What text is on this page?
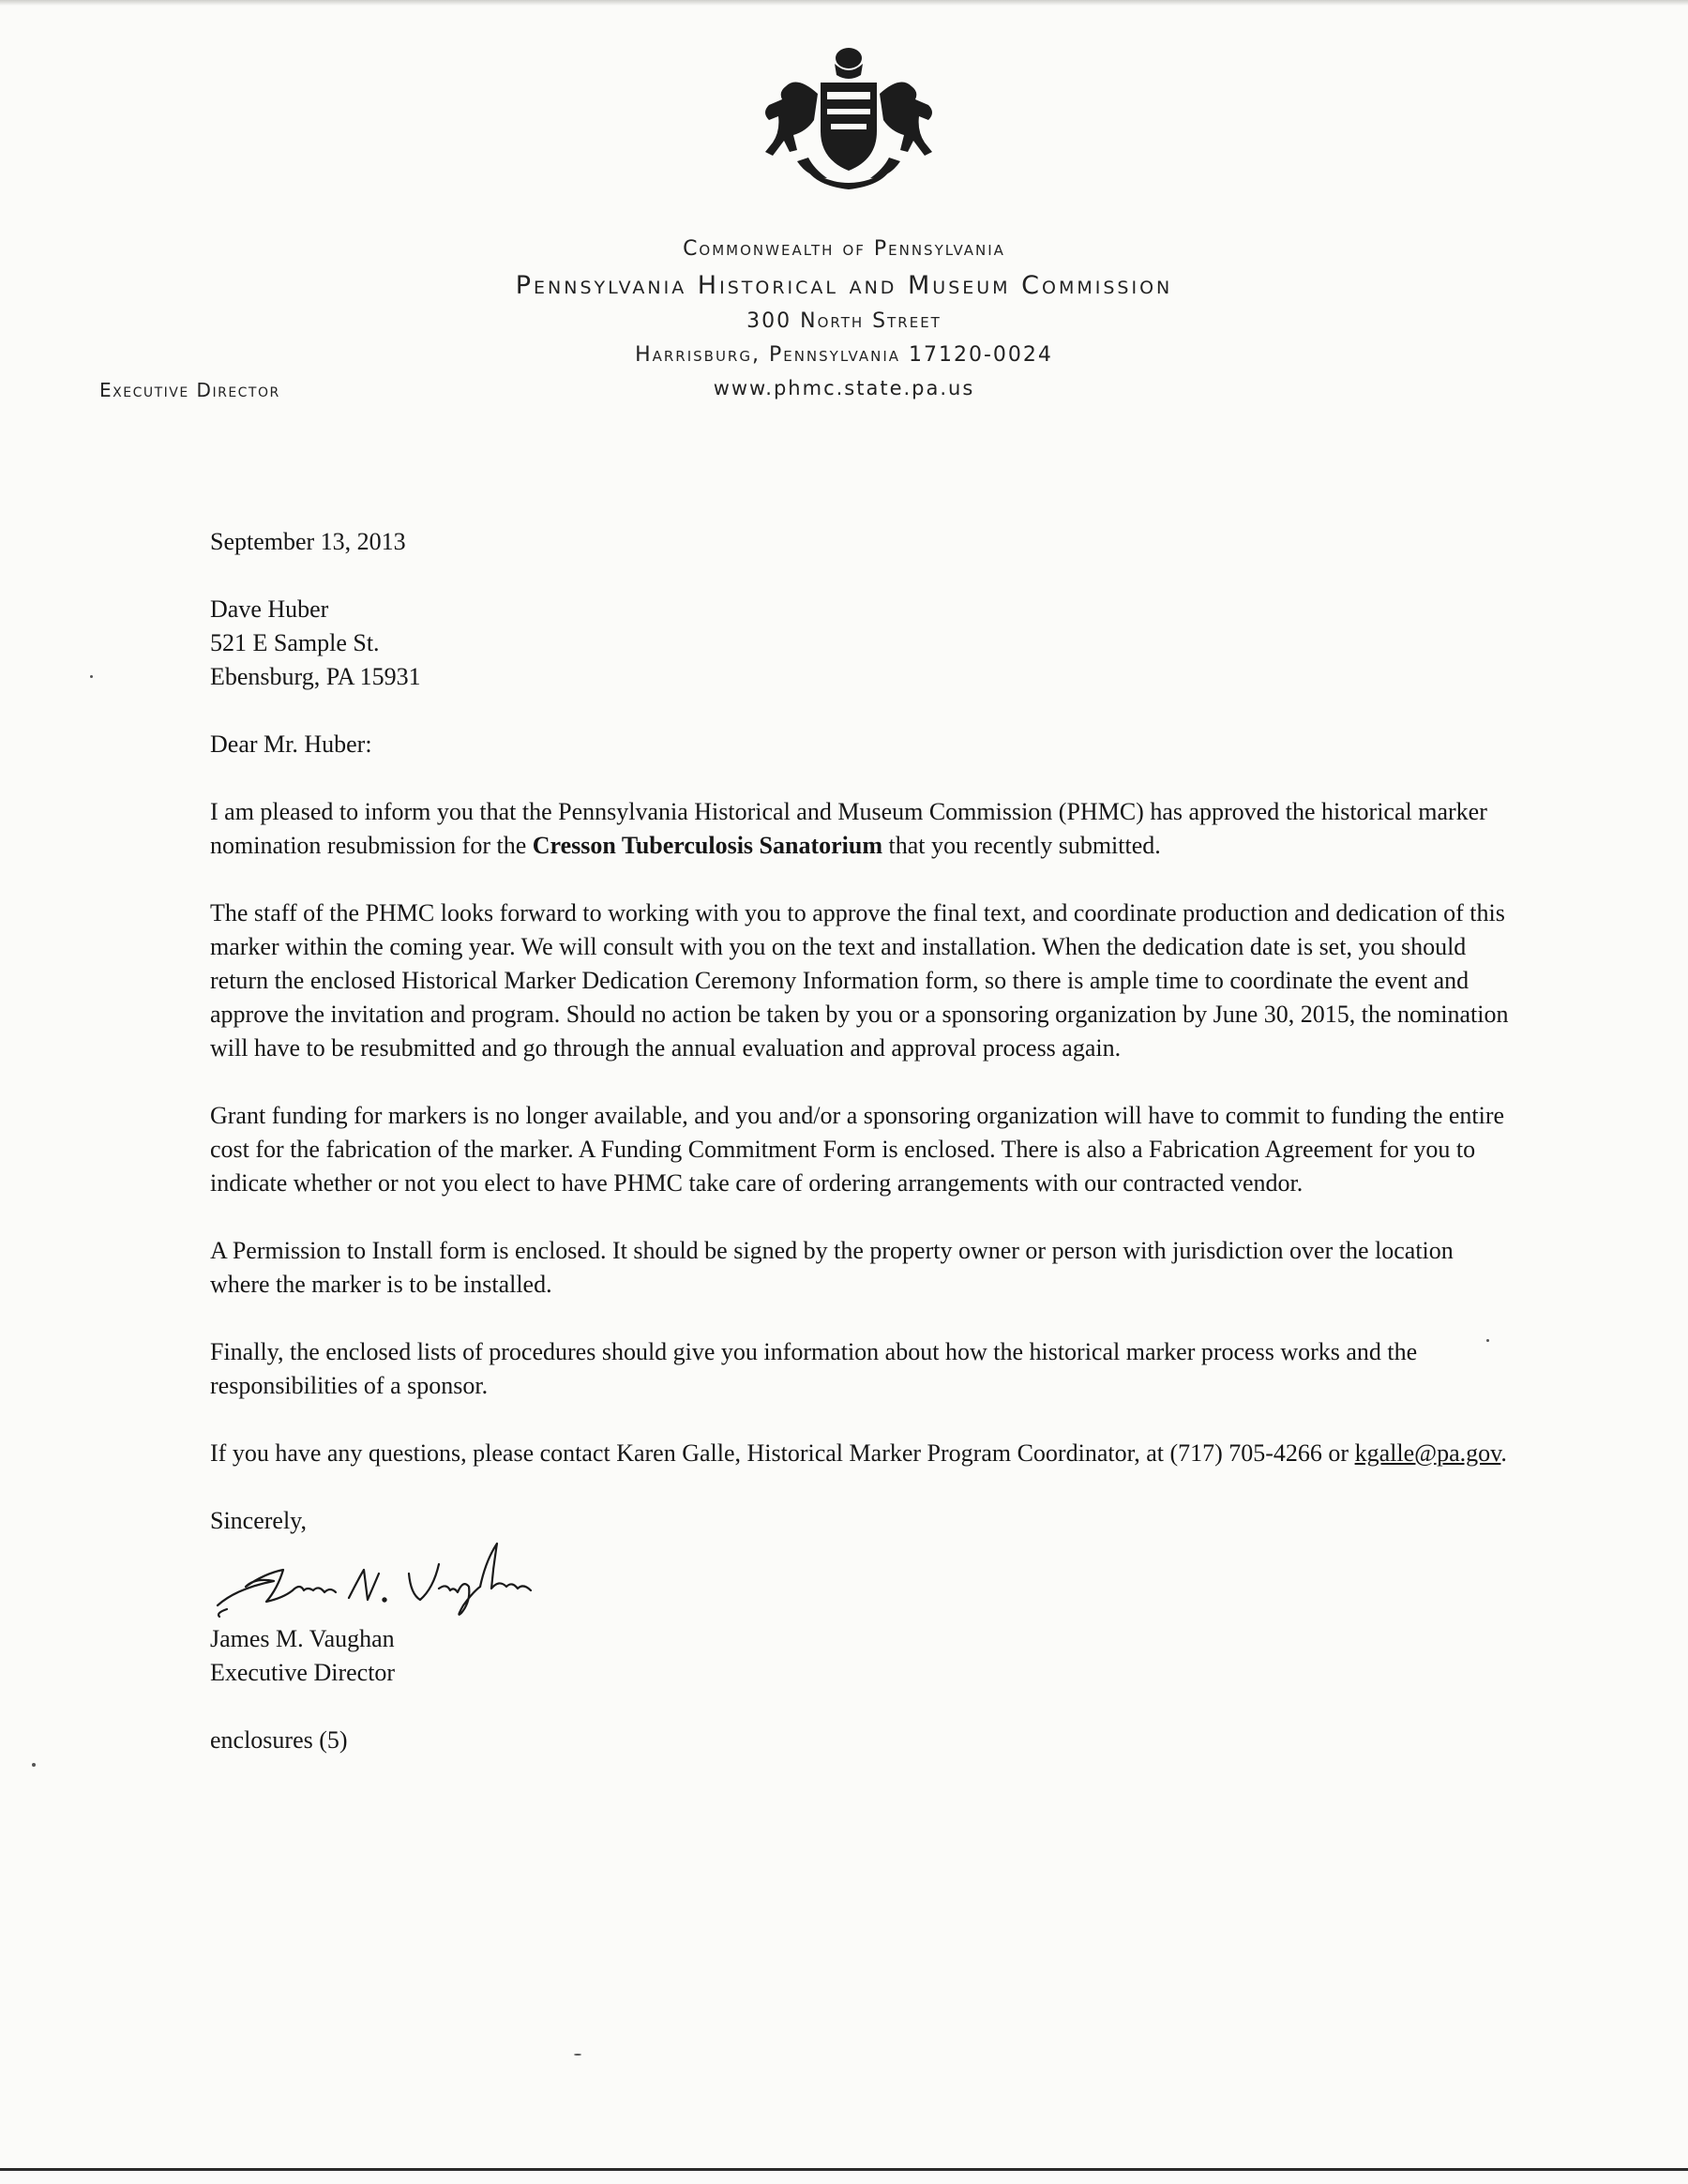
Commonwealth of Pennsylvania
Pennsylvania Historical and Museum Commission
300 North Street
Harrisburg, Pennsylvania 17120-0024
www.phmc.state.pa.us
Executive Director

September 13, 2013

Dave Huber

521 E Sample St.

Ebensburg, PA 15931

Dear Mr. Huber:

I am pleased to inform you that the Pennsylvania Historical and Museum Commission (PHMC) has approved the historical marker nomination resubmission for the Cresson Tuberculosis Sanatorium that you recently submitted.

The staff of the PHMC looks forward to working with you to approve the final text, and coordinate production and dedication of this marker within the coming year. We will consult with you on the text and installation. When the dedication date is set, you should return the enclosed Historical Marker Dedication Ceremony Information form, so there is ample time to coordinate the event and approve the invitation and program. Should no action be taken by you or a sponsoring organization by June 30, 2015, the nomination will have to be resubmitted and go through the annual evaluation and approval process again.

Grant funding for markers is no longer available, and you and/or a sponsoring organization will have to commit to funding the entire cost for the fabrication of the marker. A Funding Commitment Form is enclosed. There is also a Fabrication Agreement for you to indicate whether or not you elect to have PHMC take care of ordering arrangements with our contracted vendor.

A Permission to Install form is enclosed. It should be signed by the property owner or person with jurisdiction over the location where the marker is to be installed.

Finally, the enclosed lists of procedures should give you information about how the historical marker process works and the responsibilities of a sponsor.

If you have any questions, please contact Karen Galle, Historical Marker Program Coordinator, at (717) 705-4266 or kgalle@pa.gov.

Sincerely,

James M. Vaughan

Executive Director

enclosures (5)
